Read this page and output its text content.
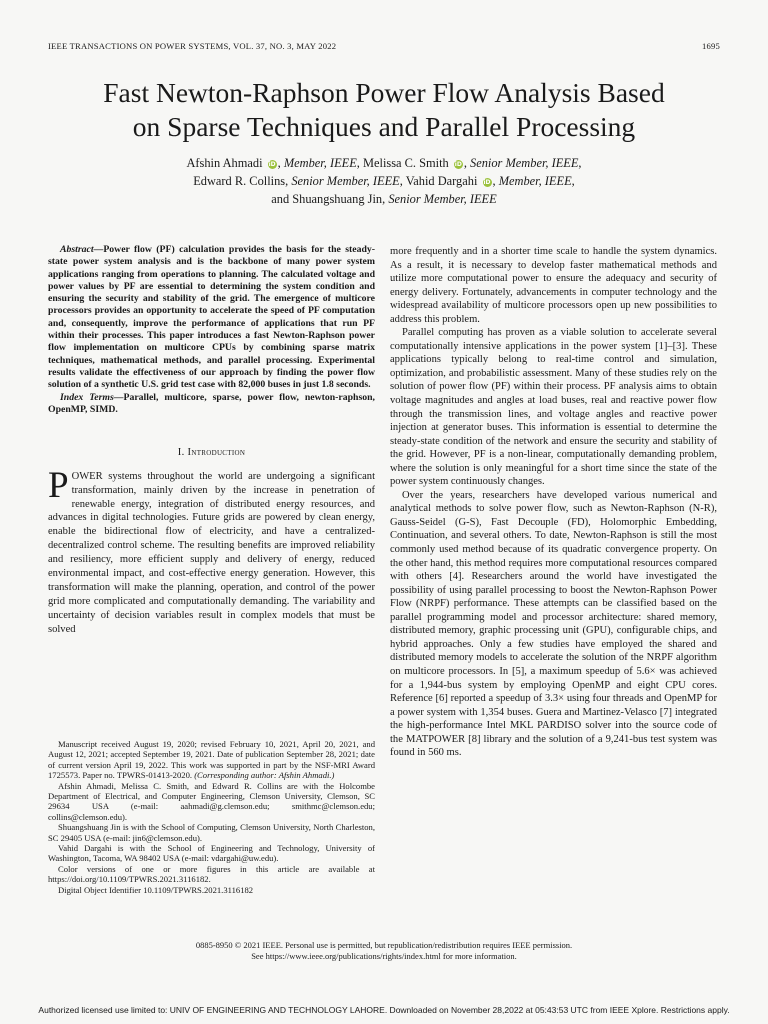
IEEE TRANSACTIONS ON POWER SYSTEMS, VOL. 37, NO. 3, MAY 2022	1695
Fast Newton-Raphson Power Flow Analysis Based
on Sparse Techniques and Parallel Processing
Afshin Ahmadi iD , Member, IEEE, Melissa C. Smith iD , Senior Member, IEEE,
Edward R. Collins, Senior Member, IEEE, Vahid Dargahi iD , Member, IEEE,
and Shuangshuang Jin, Senior Member, IEEE

Abstract—Power flow (PF) calculation provides the basis for the steady-state power system analysis and is the backbone of many power system applications ranging from operations to planning. The calculated voltage and power values by PF are essential to determining the system condition and ensuring the security and stability of the grid. The emergence of multicore processors provides an opportunity to accelerate the speed of PF computation and, consequently, improve the performance of applications that run PF within their processes. This paper introduces a fast Newton-Raphson power flow implementation on multicore CPUs by combining sparse matrix techniques, mathematical methods, and parallel processing. Experimental results validate the effectiveness of our approach by finding the power flow solution of a synthetic U.S. grid test case with 82,000 buses in just 1.8 seconds.

Index Terms—Parallel, multicore, sparse, power flow, newton-raphson, OpenMP, SIMD.

I. Introduction

POWER systems throughout the world are undergoing a significant transformation, mainly driven by the increase in penetration of renewable energy, integration of distributed energy resources, and advances in digital technologies. Future grids are powered by clean energy, enable the bidirectional flow of electricity, and have a centralized-decentralized control scheme. The resulting benefits are improved reliability and resiliency, more efficient supply and delivery of energy, reduced environmental impact, and cost-effective energy generation. However, this transformation will make the planning, operation, and control of the power grid more complicated and computationally demanding. The variability and uncertainty of decision variables result in complex models that must be solved

Manuscript received August 19, 2020; revised February 10, 2021, April 20, 2021, and August 12, 2021; accepted September 19, 2021. Date of publication September 28, 2021; date of current version April 19, 2022. This work was supported in part by the NSF-MRI Award 1725573. Paper no. TPWRS-01413-2020. (Corresponding author: Afshin Ahmadi.)

Afshin Ahmadi, Melissa C. Smith, and Edward R. Collins are with the Holcombe Department of Electrical, and Computer Engineering, Clemson University, Clemson, SC 29634 USA (e-mail: aahmadi@g.clemson.edu; smithmc@clemson.edu; collins@clemson.edu).

Shuangshuang Jin is with the School of Computing, Clemson University, North Charleston, SC 29405 USA (e-mail: jin6@clemson.edu).

Vahid Dargahi is with the School of Engineering and Technology, University of Washington, Tacoma, WA 98402 USA (e-mail: vdargahi@uw.edu).

Color versions of one or more figures in this article are available at https://doi.org/10.1109/TPWRS.2021.3116182.

Digital Object Identifier 10.1109/TPWRS.2021.3116182

more frequently and in a shorter time scale to handle the system dynamics. As a result, it is necessary to develop faster mathematical methods and utilize more computational power to ensure the adequacy and security of energy delivery. Fortunately, advancements in computer technology and the widespread availability of multicore processors open up new possibilities to address this problem.

Parallel computing has proven as a viable solution to accelerate several computationally intensive applications in the power system [1]–[3]. These applications typically belong to real-time control and simulation, optimization, and probabilistic assessment. Many of these studies rely on the solution of power flow (PF) within their process. PF analysis aims to obtain voltage magnitudes and angles at load buses, real and reactive power flow through the transmission lines, and voltage angles and reactive power injection at generator buses. This information is essential to determine the steady-state condition of the network and ensure the security and stability of the grid. However, PF is a non-linear, computationally demanding problem, where the solution is only meaningful for a short time since the state of the power system continuously changes.

Over the years, researchers have developed various numerical and analytical methods to solve power flow, such as Newton-Raphson (N-R), Gauss-Seidel (G-S), Fast Decouple (FD), Holomorphic Embedding, Continuation, and several others. To date, Newton-Raphson is still the most commonly used method because of its quadratic convergence property. On the other hand, this method requires more computational resources compared with others [4]. Researchers around the world have investigated the possibility of using parallel processing to boost the Newton-Raphson Power Flow (NRPF) performance. These attempts can be classified based on the parallel programming model and processor architecture: shared memory, distributed memory, graphic processing unit (GPU), configurable chips, and hybrid approaches. Only a few studies have employed the shared and distributed memory models to accelerate the solution of the NRPF algorithm on multicore processors. In [5], a maximum speedup of 5.6× was achieved for a 1,944-bus system by employing OpenMP and eight CPU cores. Reference [6] reported a speedup of 3.3× using four threads and OpenMP for a power system with 1,354 buses. Guera and Martinez-Velasco [7] integrated the high-performance Intel MKL PARDISO solver into the source code of the MATPOWER [8] library and the solution of a 9,241-bus test system was found in 560 ms.

0885-8950 © 2021 IEEE. Personal use is permitted, but republication/redistribution requires IEEE permission.
See https://www.ieee.org/publications/rights/index.html for more information.
Authorized licensed use limited to: UNIV OF ENGINEERING AND TECHNOLOGY LAHORE. Downloaded on November 28,2022 at 05:43:53 UTC from IEEE Xplore. Restrictions apply.
